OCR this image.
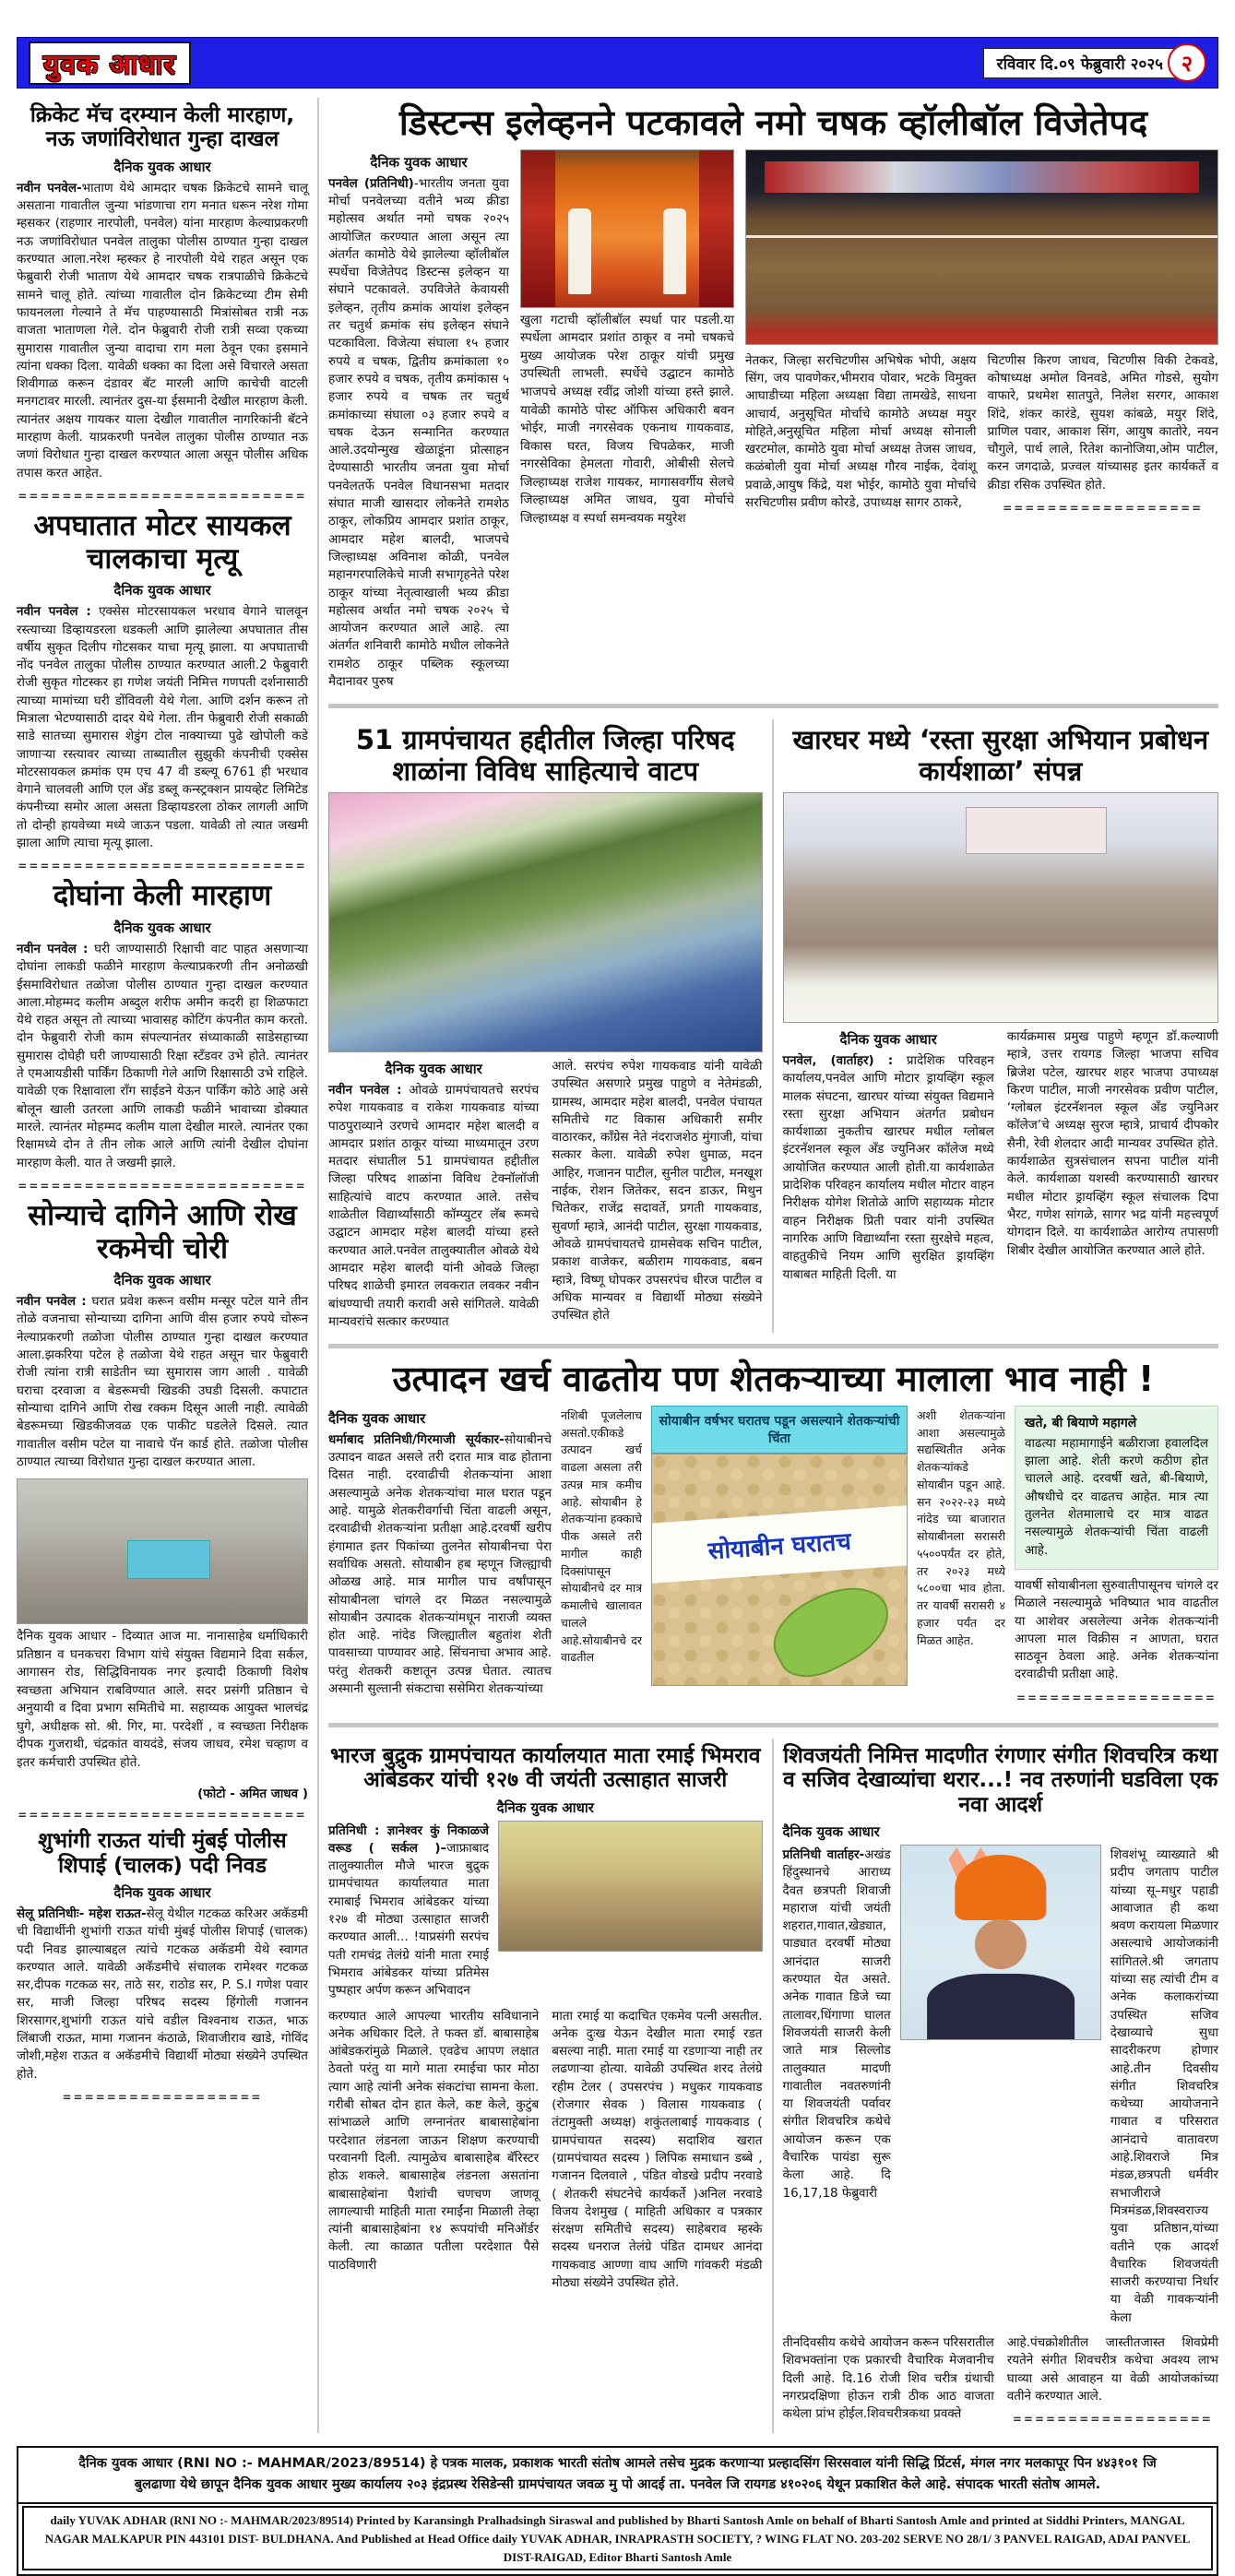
युवक आधार	रविवार दि.०९ फेब्रुवारी २०२५ २
क्रिकेट मॅच दरम्यान केली मारहाण, नऊ जणांविरोधात गुन्हा दाखल
दैनिक युवक आधार

नवीन पनवेल-भाताण येथे आमदार चषक क्रिकेटचे सामने चालू असताना गावातील जुन्या भांडणाचा राग मनात धरून नरेश गोमा म्हसकर (राहणार नारपोली, पनवेल) यांना मारहाण केल्याप्रकरणी नऊ जणांविरोधात पनवेल तालुका पोलीस ठाण्यात गुन्हा दाखल करण्यात आला.नरेश म्हस्कर हे नारपोली येथे राहत असून एक फेब्रुवारी रोजी भाताण येथे आमदार चषक रात्रपाळीचे क्रिकेटचे सामने चालू होते. त्यांच्या गावातील दोन क्रिकेटच्या टीम सेमी फायनलला गेल्याने ते मॅच पाहण्यासाठी मित्रांसोबत रात्री नऊ वाजता भाताणला गेले. दोन फेब्रुवारी रोजी रात्री सव्वा एकच्या सुमारास गावातील जुन्या वादाचा राग मला ठेवून एका इसमाने त्यांना धक्का दिला. यावेळी धक्का का दिला असे विचारले असता शिवीगाळ करून दंडावर बॅट मारली आणि काचेची वाटली मनगटावर मारली. त्यानंतर दुस-या ईसमानी देखील मारहाण केली. त्यानंतर अक्षय गायकर याला देखील गावातील नागरिकांनी बॅटने मारहाण केली. याप्रकरणी पनवेल तालुका पोलीस ठाण्यात नऊ जणां विरोधात गुन्हा दाखल करण्यात आला असून पोलीस अधिक तपास करत आहेत.

==========================
अपघातात मोटर सायकल चालकाचा मृत्यू
दैनिक युवक आधार

नवीन पनवेल : एक्सेस मोटरसायकल भरधाव वेगाने चालवून रस्त्याच्या डिव्हायडरला धडकली आणि झालेल्या अपघातात तीस वर्षीय सुकृत दिलीप गोटसकर याचा मृत्यू झाला. या अपघाताची नोंद पनवेल तालुका पोलीस ठाण्यात करण्यात आली.2 फेब्रुवारी रोजी सुकृत गोटस्कर हा गणेश जयंती निमित्त गणपती दर्शनासाठी त्याच्या मामांच्या घरी डोंविवली येथे गेला. आणि दर्शन करून तो मित्राला भेटण्यासाठी दादर येथे गेला. तीन फेब्रुवारी रोजी सकाळी साडे सातच्या सुमारास शेडुंग टोल नाक्याच्या पुढे खोपोली कडे जाणाऱ्या रस्त्यावर त्याच्या ताब्यातील सुझुकी कंपनीची एक्सेस मोटरसायकल क्रमांक एम एच 47 वी डब्ल्यू 6761 ही भरधाव वेगाने चालवली आणि एल अँड डब्लू कन्स्ट्रक्शन प्रायव्हेट लिमिटेड कंपनीच्या समोर आला असता डिव्हायडरला ठोकर लागली आणि तो दोन्ही हायवेच्या मध्ये जाऊन पडला. यावेळी तो त्यात जखमी झाला आणि त्याचा मृत्यू झाला.

==========================
दोघांना केली मारहाण
दैनिक युवक आधार

नवीन पनवेल : घरी जाण्यासाठी रिक्षाची वाट पाहत असणाऱ्या दोघांना लाकडी फळीने मारहाण केल्याप्रकरणी तीन अनोळखी ईसमाविरोधात तळोजा पोलीस ठाण्यात गुन्हा दाखल करण्यात आला.मोहम्मद कलीम अब्दुल शरीफ अमीन कदरी हा शिळफाटा येथे राहत असून तो त्याच्या भावासह कोटिंग कंपनीत काम करतो. दोन फेब्रुवारी रोजी काम संपल्यानंतर संध्याकाळी साडेसहाच्या सुमारास दोघेही घरी जाण्यासाठी रिक्षा स्टँडवर उभे होते. त्यानंतर ते एमआयडीसी पार्किंग ठिकाणी गेले आणि रिक्षासाठी उभे राहिले. यावेळी एक रिक्षावाला राँग साईडने येऊन पार्किंग कोठे आहे असे बोलून खाली उतरला आणि लाकडी फळीने भावाच्या डोक्यात मारले. त्यानंतर मोहम्मद कलीम याला देखील मारले. त्यानंतर एका रिक्षामध्ये दोन ते तीन लोक आले आणि त्यांनी देखील दोघांना मारहाण केली. यात ते जखमी झाले.

==========================
सोन्याचे दागिने आणि रोख रकमेची चोरी
दैनिक युवक आधार

नवीन पनवेल : घरात प्रवेश करून वसीम मन्सूर पटेल याने तीन तोळे वजनाचा सोन्याच्या दागिना आणि वीस हजार रुपये चोरून नेल्याप्रकरणी तळोजा पोलीस ठाण्यात गुन्हा दाखल करण्यात आला.झकरिया पटेल हे तळोजा येथे राहत असून चार फेब्रुवारी रोजी त्यांना रात्री साडेतीन च्या सुमारास जाग आली . यावेळी घराचा दरवाजा व बेडरूमची खिडकी उघडी दिसली. कपाटात सोन्याचा दागिने आणि रोख रक्कम दिसून आली नाही. त्यावेळी बेडरूमच्या खिडकीजवळ एक पाकीट घडलेले दिसले. त्यात गावातील वसीम पटेल या नावाचे पॅन कार्ड होते. तळोजा पोलीस ठाण्यात त्याच्या विरोधात गुन्हा दाखल करण्यात आला.

दैनिक युवक आधार - दिव्यात आज मा. नानासाहेब धर्माधिकारी प्रतिष्ठान व घनकचरा विभाग यांचे संयुक्त विद्यमाने दिवा सर्कल, आगासन रोड, सिद्धिविनायक नगर इत्यादी ठिकाणी विशेष स्वच्छता अभियान राबविण्यात आले. सदर प्रसंगी प्रतिष्ठान चे अनुयायी व दिवा प्रभाग समितीचे मा. सहाय्यक आयुक्त भालचंद्र घुगे, अधीक्षक सो. श्री. गिर, मा. परदेशीं , व स्वच्छता निरीक्षक दीपक गुजराथी, चंद्रकांत वायदंडे, संजय जाधव, रमेश चव्हाण व इतर कर्मचारी उपस्थित होते.

(फोटो - अमित जाधव )
==========================
शुभांगी राऊत यांची मुंबई पोलीस शिपाई (चालक) पदी निवड
दैनिक युवक आधार

सेलू प्रतिनिधीः- महेश राऊत-सेलू येथील गटकळ करिअर अकॅडमी ची विद्यार्थीनी शुभांगी राऊत यांची मुंबई पोलीस शिपाई (चालक) पदी निवड झाल्याबद्दल त्यांचे गटकळ अकॅडमी येथे स्वागत करण्यात आले. यावेळी अकॅडमीचे संचालक रामेश्वर गटकळ सर,दीपक गटकळ सर, ताठे सर, राठोड सर, P. S.I गणेश पवार सर, माजी जिल्हा परिषद सदस्य हिंगोली गजानन शिरसागर,शुभांगी राऊत यांचे वडील विश्वनाथ राऊत, भाऊ लिंबाजी राऊत, मामा गजानन कंठाळे, शिवाजीराव खाडे, गोविंद जोशी,महेश राऊत व अकॅडमीचे विद्यार्थी मोठ्या संख्येने उपस्थित होते.

==================
डिस्टन्स इलेव्हनने पटकावले नमो चषक व्हॉलीबॉल विजेतेपद
दैनिक युवक आधार

पनवेल (प्रतिनिधी)-भारतीय जनता युवा मोर्चा पनवेलच्या वतीने भव्य क्रीडा महोत्सव अर्थात नमो चषक २०२५ आयोजित करण्यात आला असून त्या अंतर्गत कामोठे येथे झालेल्या व्हॉलीबॉल स्पर्धेचा विजेतेपद डिस्टन्स इलेव्हन या संघाने पटकावले. उपविजेते केवायसी इलेव्हन, तृतीय क्रमांक आयांश इलेव्हन तर चतुर्थ क्रमांक संघ इलेव्हन संघाने पटकाविला. विजेत्या संघाला १५ हजार रुपये व चषक, द्वितीय क्रमांकाला १० हजार रुपये व चषक, तृतीय क्रमांकास ५ हजार रुपये व चषक तर चतुर्थ क्रमांकाच्या संघाला ०३ हजार रुपये व चषक देऊन सन्मानित करण्यात आले.उदयोन्मुख खेळाडूंना प्रोत्साहन देण्यासाठी भारतीय जनता युवा मोर्चा पनवेलतर्फे पनवेल विधानसभा मतदार संघात माजी खासदार लोकनेते रामशेठ ठाकूर, लोकप्रिय आमदार प्रशांत ठाकूर, आमदार महेश बालदी, भाजपचे जिल्हाध्यक्ष अविनाश कोळी, पनवेल महानगरपालिकेचे माजी सभागृहनेते परेश ठाकूर यांच्या नेतृत्वाखाली भव्य क्रीडा महोत्सव अर्थात नमो चषक २०२५ चे आयोजन करण्यात आले आहे. त्या अंतर्गत शनिवारी कामोठे मधील लोकनेते रामशेठ ठाकूर पब्लिक स्कूलच्या मैदानावर पुरुष

खुला गटाची व्हॉलीबॉल स्पर्धा पार पडली.या स्पर्धेला आमदार प्रशांत ठाकूर व नमो चषकचे मुख्य आयोजक परेश ठाकूर यांची प्रमुख उपस्थिती लाभली. स्पर्धेचे उद्घाटन कामोठे भाजपचे अध्यक्ष रवींद्र जोशी यांच्या हस्ते झाले. यावेळी कामोठे पोस्ट ऑफिस अधिकारी बवन भोईर, माजी नगरसेवक एकनाथ गायकवाड, विकास घरत, विजय चिपळेकर, माजी नगरसेविका हेमलता गोवारी, ओबीसी सेलचे जिल्हाध्यक्ष राजेश गायकर, मागासवर्गीय सेलचे जिल्हाध्यक्ष अमित जाधव, युवा मोर्चाचे जिल्हाध्यक्ष व स्पर्धा समन्वयक मयुरेश

नेतकर, जिल्हा सरचिटणीस अभिषेक भोपी, अक्षय सिंग, जय पावणेकर,भीमराव पोवार, भटके विमुक्त आघाडीच्या महिला अध्यक्षा विद्या तामखेडे, साधना आचार्य, अनुसूचित मोर्चाचे कामोठे अध्यक्ष मयुर मोहिते,अनुसूचित महिला मोर्चा अध्यक्ष सोनाली खरटमोल, कामोठे युवा मोर्चा अध्यक्ष तेजस जाधव, कळंबोली युवा मोर्चा अध्यक्ष गौरव नाईक, देवांशू प्रवाळे,आयुष किंद्रे, यश भोईर, कामोठे युवा मोर्चाचे सरचिटणीस प्रवीण कोरडे, उपाध्यक्ष सागर ठाकरे,

चिटणीस किरण जाधव, चिटणीस विकी टेकवडे, कोषाध्यक्ष अमोल विनवडे, अमित गोडसे, सुयोग वाफारे, प्रथमेश सातपुते, निलेश सरगर, आकाश शिंदे, शंकर कारंडे, सुयश कांबळे, मयुर शिंदे, प्राणिल पवार, आकाश सिंग, आयुष कातोरे, नयन चौगुले, पार्थ लाले, रितेश कानोजिया,ओम पाटील, करन जगदाळे, प्रज्वल यांच्यासह इतर कार्यकर्ते व क्रीडा रसिक उपस्थित होते.

==================
51 ग्रामपंचायत हद्दीतील जिल्हा परिषद शाळांना विविध साहित्याचे वाटप
दैनिक युवक आधार

नवीन पनवेल : ओवळे ग्रामपंचायतचे सरपंच रुपेश गायकवाड व राकेश गायकवाड यांच्या पाठपुराव्याने उरणचे आमदार महेश बालदी व आमदार प्रशांत ठाकूर यांच्या माध्यमातून उरण मतदार संघातील 51 ग्रामपंचायत हद्दीतील जिल्हा परिषद शाळांना विविध टेक्नॉलॉजी साहित्यांचे वाटप करण्यात आले. तसेच शाळेतील विद्यार्थ्यांसाठी कॉम्प्युटर लॅब रूमचे उद्घाटन आमदार महेश बालदी यांच्या हस्ते करण्यात आले.पनवेल तालुक्यातील ओवळे येथे आमदार महेश बालदी यांनी ओवळे जिल्हा परिषद शाळेची इमारत लवकरात लवकर नवीन बांधण्याची तयारी करावी असे सांगितले. यावेळी मान्यवरांचे सत्कार करण्यात

आले. सरपंच रुपेश गायकवाड यांनी यावेळी उपस्थित असणारे प्रमुख पाहुणे व नेतेमंडळी, ग्रामस्थ, आमदार महेश बालदी, पनवेल पंचायत समितीचे गट विकास अधिकारी समीर वाठारकर, काँग्रेस नेते नंदराजशेठ मुंगाजी, यांचा सत्कार केला. यावेळी रुपेश धुमाळ, मदन आहिर, गजानन पाटील, सुनील पाटील, मनखूश नाईक, रोशन जितेकर, सदन डाऊर, मिथुन चितेकर, राजेंद्र सदावर्ते, प्रगती गायकवाड, सुवर्णा म्हात्रे, आनंदी पाटील, सुरक्षा गायकवाड, ओवळे ग्रामपंचायतचे ग्रामसेवक सचिन पाटील, प्रकाश वाजेकर, बळीराम गायकवाड, बबन म्हात्रे, विष्णू घोपकर उपसरपंच धीरज पाटील व अधिक मान्यवर व विद्यार्थी मोठ्या संख्येने उपस्थित होते

खारघर मध्ये ‘रस्ता सुरक्षा अभियान प्रबोधन कार्यशाळा’ संपन्न
दैनिक युवक आधार

पनवेल, (वार्ताहर) : प्रादेशिक परिवहन कार्यालय,पनवेल आणि मोटार ड्रायव्हिंग स्कूल मालक संघटना, खारघर यांच्या संयुक्त विद्यमाने रस्ता सुरक्षा अभियान अंतर्गत प्रबोधन कार्यशाळा नुकतीच खारघर मधील ग्लोबल इंटरनॅशनल स्कूल अँड ज्युनिअर कॉलेज मध्ये आयोजित करण्यात आली होती.या कार्यशाळेत प्रादेशिक परिवहन कार्यालय मधील मोटार वाहन निरीक्षक योगेश शितोळे आणि सहाय्यक मोटार वाहन निरीक्षक प्रिती पवार यांनी उपस्थित नागरिक आणि विद्यार्थ्यांना रस्ता सुरक्षेचे महत्व, वाहतुकीचे नियम आणि सुरक्षित ड्रायव्हिंग याबाबत माहिती दिली. या

कार्यक्रमास प्रमुख पाहुणे म्हणून डॉ.कल्याणी म्हात्रे, उत्तर रायगड जिल्हा भाजपा सचिव ब्रिजेश पटेल, खारघर शहर भाजपा उपाध्यक्ष किरण पाटील, माजी नगरसेवक प्रवीण पाटील, ‘ग्लोबल इंटरनॅशनल स्कूल अँड ज्युनिअर कॉलेज’चे अध्यक्ष सुरज म्हात्रे, प्राचार्य दीपकोर सैनी, रेवी शेलदार आदी मान्यवर उपस्थित होते. कार्यशाळेत सुत्रसंचालन सपना पाटील यांनी केले. कार्यशाळा यशस्वी करण्यासाठी खारघर मधील मोटार ड्रायव्हिंग स्कूल संचालक दिपा भैरट, गणेश सांगळे, सागर भद्र यांनी महत्त्वपूर्ण योगदान दिले. या कार्यशाळेत आरोग्य तपासणी शिबीर देखील आयोजित करण्यात आले होते.

उत्पादन खर्च वाढतोय पण शेतकऱ्याच्या मालाला भाव नाही !
दैनिक युवक आधार

धर्माबाद प्रतिनिधी/गिरमाजी सूर्यकार-सोयाबीनचे उत्पादन वाढत असले तरी दरात मात्र वाढ होताना दिसत नाही. दरवाढीची शेतकऱ्यांना आशा असल्यामुळे अनेक शेतकऱ्यांचा माल घरात पडून आहे. यामुळे शेतकरीवर्गाची चिंता वाढली असून, दरवाढीची शेतकऱ्यांना प्रतीक्षा आहे.दरवर्षी खरीप हंगामात इतर पिकांच्या तुलनेत सोयाबीनचा पेरा सर्वाधिक असतो. सोयाबीन हब म्हणून जिल्ह्याची ओळख आहे. मात्र मागील पाच वर्षांपासून सोयाबीनला चांगले दर मिळत नसल्यामुळे सोयाबीन उत्पादक शेतकऱ्यांमधून नाराजी व्यक्त होत आहे. नांदेड जिल्ह्यातील बहुतांश शेती पावसाच्या पाण्यावर आहे. सिंचनाचा अभाव आहे. परंतु शेतकरी कष्टातून उत्पन्न घेतात. त्यातच अस्मानी सुल्तानी संकटाचा ससेमिरा शेतकऱ्यांच्या

नशिबी पूजलेलाच असतो.एकीकडे उत्पादन खर्च वाढला असला तरी उत्पन्न मात्र कमीच आहे. सोयाबीन हे शेतकऱ्यांना हक्काचे पीक असले तरी मागील काही दिक्सांपासून सोयाबीनचे दर मात्र कमालीचे खालावत चालले आहे.सोयाबीनचे दर वाढतील

सोयाबीन वर्षभर घरातच पडून असल्याने शेतकऱ्यांची चिंता
सोयाबीन घरातच

अशी शेतकऱ्यांना आशा असल्यामुळे सद्यस्थितीत अनेक शेतकऱ्यांकडे सोयाबीन पडून आहे. सन २०२२-२३ मध्ये नांदेड च्या बाजारात सोयाबीनला सरासरी ५५००पर्यंत दर होते, तर २०२३ मध्ये ५८००चा भाव होता. तर यावर्षी सरासरी ४ हजार पर्यंत दर मिळत आहेत.

खते, बी बियाणे महागले

वाढत्या महामागाईने बळीराजा हवालदिल झाला आहे. शेती करणे कठीण होत चालले आहे. दरवर्षी खते, बी-बियाणे, औषधीचे दर वाढतच आहेत. मात्र त्या तुलनेत शेतमालाचे दर मात्र वाढत नसल्यामुळे शेतकऱ्यांची चिंता वाढली आहे.

यावर्षी सोयाबीनला सुरुवातीपासूनच चांगले दर मिळाले नसल्यामुळे भविष्यात भाव वाढतील या आशेवर असलेल्या अनेक शेतकऱ्यांनी आपला माल विक्रीस न आणता, घरात साठवून ठेवला आहे. अनेक शेतकऱ्यांना दरवाढीची प्रतीक्षा आहे.

==================
भारज बुद्रुक ग्रामपंचायत कार्यालयात माता रमाई भिमराव आंबेडकर यांची १२७ वी जयंती उत्साहात साजरी
दैनिक युवक आधार

प्रतिनिधी : ज्ञानेश्वर कुं निकाळजे वरूड ( सर्कल )–जाफ्राबाद तालुक्यातील मौजे भारज बुद्रुक ग्रामपंचायत कार्यालयात माता रमाबाई भिमराव आंबेडकर यांच्या १२७ वी मोठ्या उत्साहात साजरी करण्यात आली... !याप्रसंगी सरपंच पती रामचंद्र तेलंग्रे यांनी माता रमाई भिमराव आंबेडकर यांच्या प्रतिमेस पुष्पहार अर्पण करून अभिवादन

करण्यात आले आपल्या भारतीय सविधानाने अनेक अधिकार दिले. ते फक्त डॉ. बाबासाहेब आंबेडकरांमुळे मिळाले. एवढेच आपण लक्षात ठेवतो परंतु या मागे माता रमाईचा फार मोठा त्याग आहे त्यांनी अनेक संकटांचा सामना केला. गरीबी सोबत दोन हात केले, कष्ट केले, कुटुंब सांभाळले आणि लग्नानंतर बाबासाहेबांना परदेशात लंडनला जाऊन शिक्षण करण्याची परवानगी दिली. त्यामुळेच बाबासाहेब बॅरिस्टर होऊ शकले. बाबासाहेब लंडनला असतांना बाबासाहेबांना पैशांची चणचण जाणवू लागल्याची माहिती माता रमाईंना मिळाली तेव्हा त्यांनी बाबासाहेबांना १४ रूपयांची मनिऑर्डर केली. त्या काळात पतीला परदेशात पैसे पाठविणारी

माता रमाई या कदाचित एकमेव पत्नी असतील. अनेक दुःख येऊन देखील माता रमाई रडत बसल्या नाही. माता रमाई या रडणाऱ्या नाही तर लढणाऱ्या होत्या. यावेळी उपस्थित शरद तेलंग्रे रहीम टेलर ( उपसरपंच ) मधुकर गायकवाड (रोजगार सेवक ) विलास गायकवाड ( तंटामुक्ती अध्यक्ष) शकुंतलाबाई गायकवाड ( ग्रामपंचायत सदस्य) सदाशिव खरात (ग्रामपंचायत सदस्य ) लिपिक समाधान डब्बे , गजानन दिलवाले , पंडित वोडखे प्रदीप नरवाडे ( शेतकरी संघटनेचे कार्यकर्ते )अनिल नरवाडे विजय देशमुख ( माहिती अधिकार व पत्रकार संरक्षण समितीचे सदस्य) साहेबराव म्हस्के सदस्य धनराज तेलंग्रे पंडित दामधर आनंदा गायकवाड आण्णा वाघ आणि गांवकरी मंडळी मोठ्या संख्येने उपस्थित होते.

शिवजयंती निमित्त मादणीत रंगणार संगीत शिवचरित्र कथा व सजिव देखाव्यांचा थरार...! नव तरुणांनी घडविला एक नवा आदर्श
दैनिक युवक आधार

प्रतिनिधी वार्ताहर-अखंड हिंदुस्थानचे आराध्य दैवत छत्रपती शिवाजी महाराज यांची जयंती शहरात,गावात,खेड्यात, पाड्यात दरवर्षी मोठ्या आनंदात साजरी करण्यात येत असते. अनेक गावात डिजे च्या तालावर,धिंगाणा घालत शिवजयंती साजरी केली जाते मात्र सिल्लोड तालुक्यात मादणी गावातील नवतरुणांनी या शिवजयंती पर्वावर संगीत शिवचरित्र कथेचे आयोजन करून एक वैचारिक पायंडा सुरू केला आहे. दि 16,17,18 फेब्रुवारी

शिवशंभू व्याख्याते श्री प्रदीप जगताप पाटील यांच्या सू–मधुर पहाडी आवाजात ही कथा श्रवण करायला मिळणार असल्याचे आयोजकांनी सांगितले.श्री जगताप यांच्या सह त्यांची टीम व अनेक कलाकरांच्या उपस्थित सजिव देखाव्याचे सुधा सादरीकरण होणार आहे.तीन दिवसीय संगीत शिवचरित्र कथेच्या आयोजनाने गावात व परिसरात आनंदाचे वातावरण आहे.शिवराजे मित्र मंडळ,छत्रपती धर्मवीर सभाजीराजे मित्रमंडळ,शिवस्वराज्य युवा प्रतिष्ठान,यांच्या वतीने एक आदर्श वैचारिक शिवजयंती साजरी करण्याचा निर्धार या वेळी गावकऱ्यांनी केला

तीनदिवसीय कथेचे आयोजन करून परिसरातील शिवभक्तांना एक प्रकारची वैचारिक मेजवानीच दिली आहे. दि.16 रोजी शिव चरीत्र ग्रंथाची नगरप्रदक्षिणा होऊन रात्री ठीक आठ वाजता कथेला प्रांभ होईल.शिवचरीत्रकथा प्रवक्ते

आहे.पंचक्रोशीतील जास्तीतजास्त शिवप्रेमी रयतेने संगीत शिवचरीत्र कथेचा अवश्य लाभ घाव्या असे आवाहन या वेळी आयोजकांच्या वतीने करण्यात आले.

==================
दैनिक युवक आधार (RNI NO :- MAHMAR/2023/89514) हे पत्रक मालक, प्रकाशक भारती संतोष आमले तसेच मुद्रक करणाऱ्या प्रल्हादसिंग सिरसवाल यांनी सिद्धि प्रिंटर्स, मंगल नगर मलकापूर पिन ४४३१०१ जि
बुलढाणा येथे छापून दैनिक युवक आधार मुख्य कार्यालय २०३ इंद्रप्रस्थ रेसिडेन्सी ग्रामपंचायत जवळ मु पो आदई ता. पनवेल जि रायगड ४१०२०६ येथून प्रकाशित केले आहे. संपादक भारती संतोष आमले.
daily YUVAK ADHAR (RNI NO :- MAHMAR/2023/89514) Printed by Karansingh Pralhadsingh Siraswal and published by Bharti Santosh Amle on behalf of Bharti Santosh Amle and printed at Siddhi Printers, MANGAL NAGAR MALKAPUR PIN 443101 DIST- BULDHANA. And Published at Head Office daily YUVAK ADHAR, INRAPRASTH SOCIETY, ? WING FLAT NO. 203-202 SERVE NO 28/1/ 3 PANVEL RAIGAD, ADAI PANVEL DIST-RAIGAD, Editor Bharti Santosh Amle
